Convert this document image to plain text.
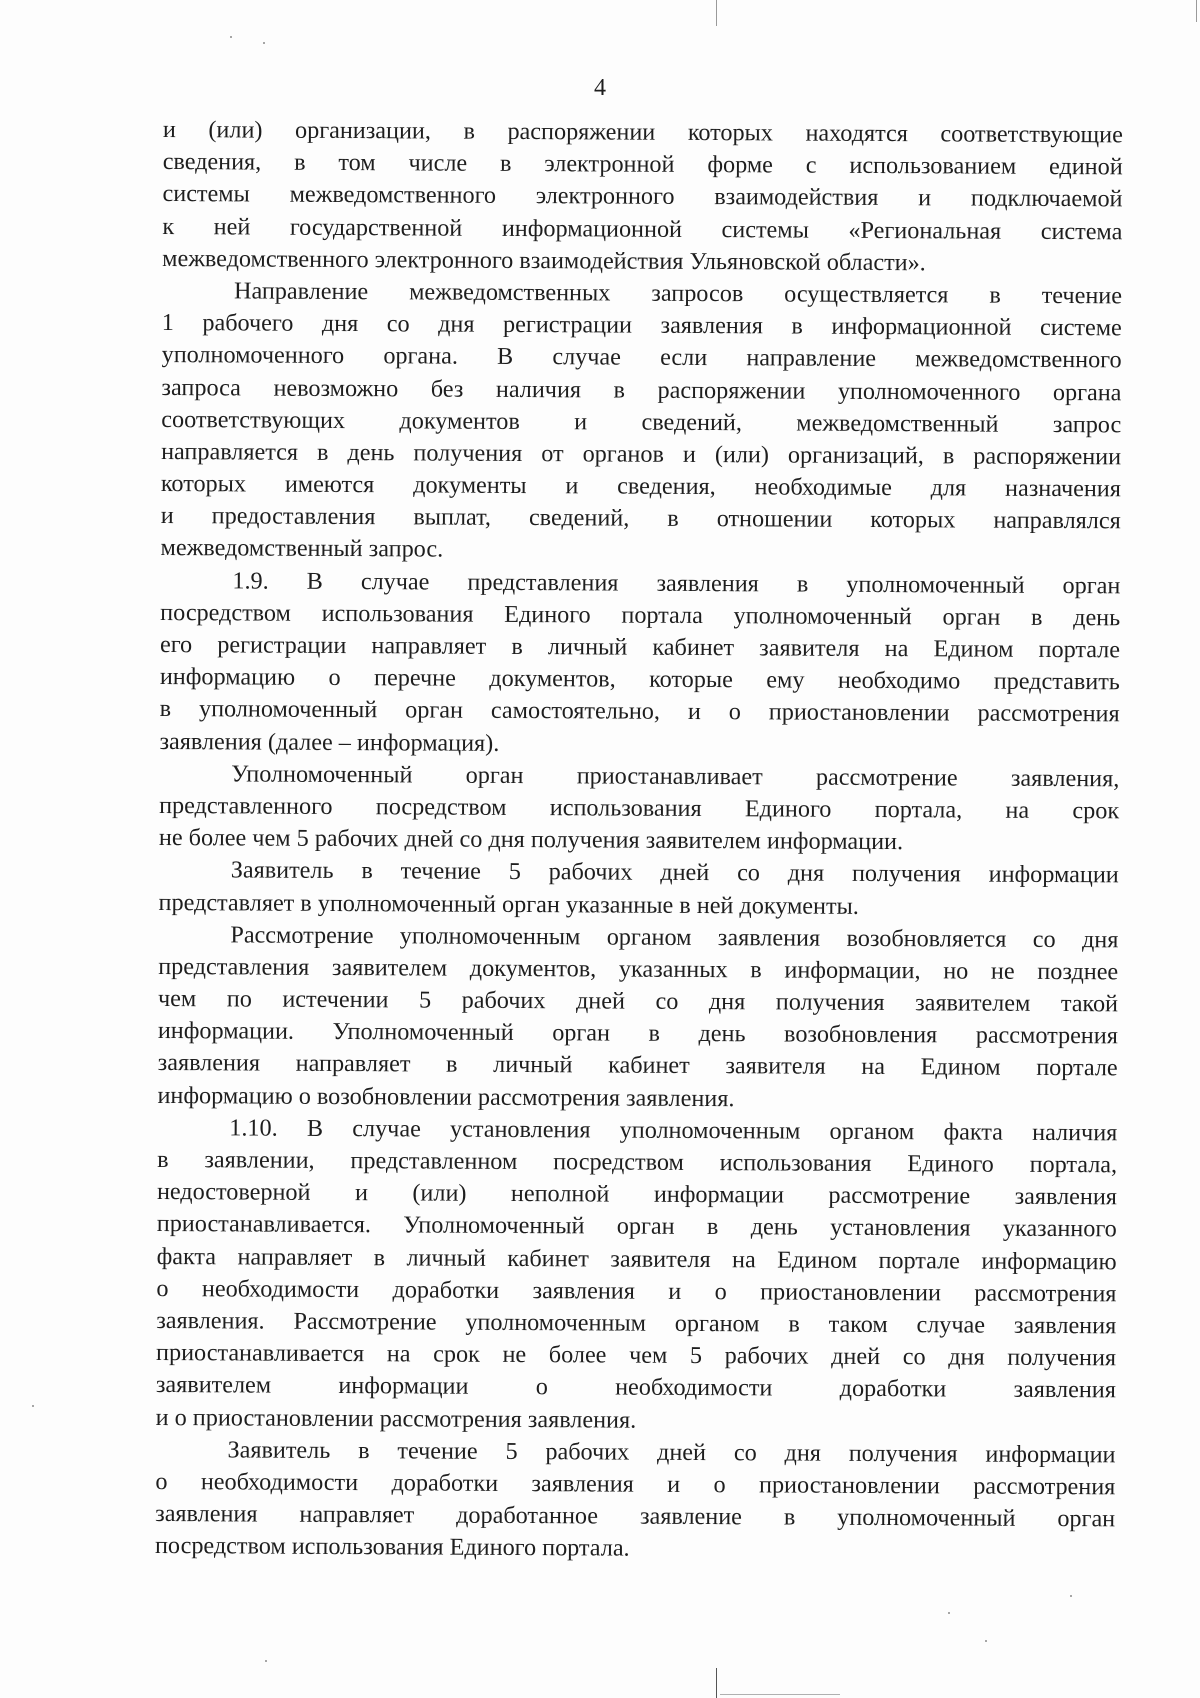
4
и (или) организации, в распоряжении которых находятся соответствующие
сведения, в том числе в электронной форме с использованием единой
системы межведомственного электронного взаимодействия и подключаемой
к ней государственной информационной системы «Региональная система
межведомственного электронного взаимодействия Ульяновской области».
Направление межведомственных запросов осуществляется в течение
1 рабочего дня со дня регистрации заявления в информационной системе
уполномоченного органа. В случае если направление межведомственного
запроса невозможно без наличия в распоряжении уполномоченного органа
соответствующих документов и сведений, межведомственный запрос
направляется в день получения от органов и (или) организаций, в распоряжении
которых имеются документы и сведения, необходимые для назначения
и предоставления выплат, сведений, в отношении которых направлялся
межведомственный запрос.
1.9. В случае представления заявления в уполномоченный орган
посредством использования Единого портала уполномоченный орган в день
его регистрации направляет в личный кабинет заявителя на Едином портале
информацию о перечне документов, которые ему необходимо представить
в уполномоченный орган самостоятельно, и о приостановлении рассмотрения
заявления (далее – информация).
Уполномоченный орган приостанавливает рассмотрение заявления,
представленного посредством использования Единого портала, на срок
не более чем 5 рабочих дней со дня получения заявителем информации.
Заявитель в течение 5 рабочих дней со дня получения информации
представляет в уполномоченный орган указанные в ней документы.
Рассмотрение уполномоченным органом заявления возобновляется со дня
представления заявителем документов, указанных в информации, но не позднее
чем по истечении 5 рабочих дней со дня получения заявителем такой
информации. Уполномоченный орган в день возобновления рассмотрения
заявления направляет в личный кабинет заявителя на Едином портале
информацию о возобновлении рассмотрения заявления.
1.10. В случае установления уполномоченным органом факта наличия
в заявлении, представленном посредством использования Единого портала,
недостоверной и (или) неполной информации рассмотрение заявления
приостанавливается. Уполномоченный орган в день установления указанного
факта направляет в личный кабинет заявителя на Едином портале информацию
о необходимости доработки заявления и о приостановлении рассмотрения
заявления. Рассмотрение уполномоченным органом в таком случае заявления
приостанавливается на срок не более чем 5 рабочих дней со дня получения
заявителем информации о необходимости доработки заявления
и о приостановлении рассмотрения заявления.
Заявитель в течение 5 рабочих дней со дня получения информации
о необходимости доработки заявления и о приостановлении рассмотрения
заявления направляет доработанное заявление в уполномоченный орган
посредством использования Единого портала.
